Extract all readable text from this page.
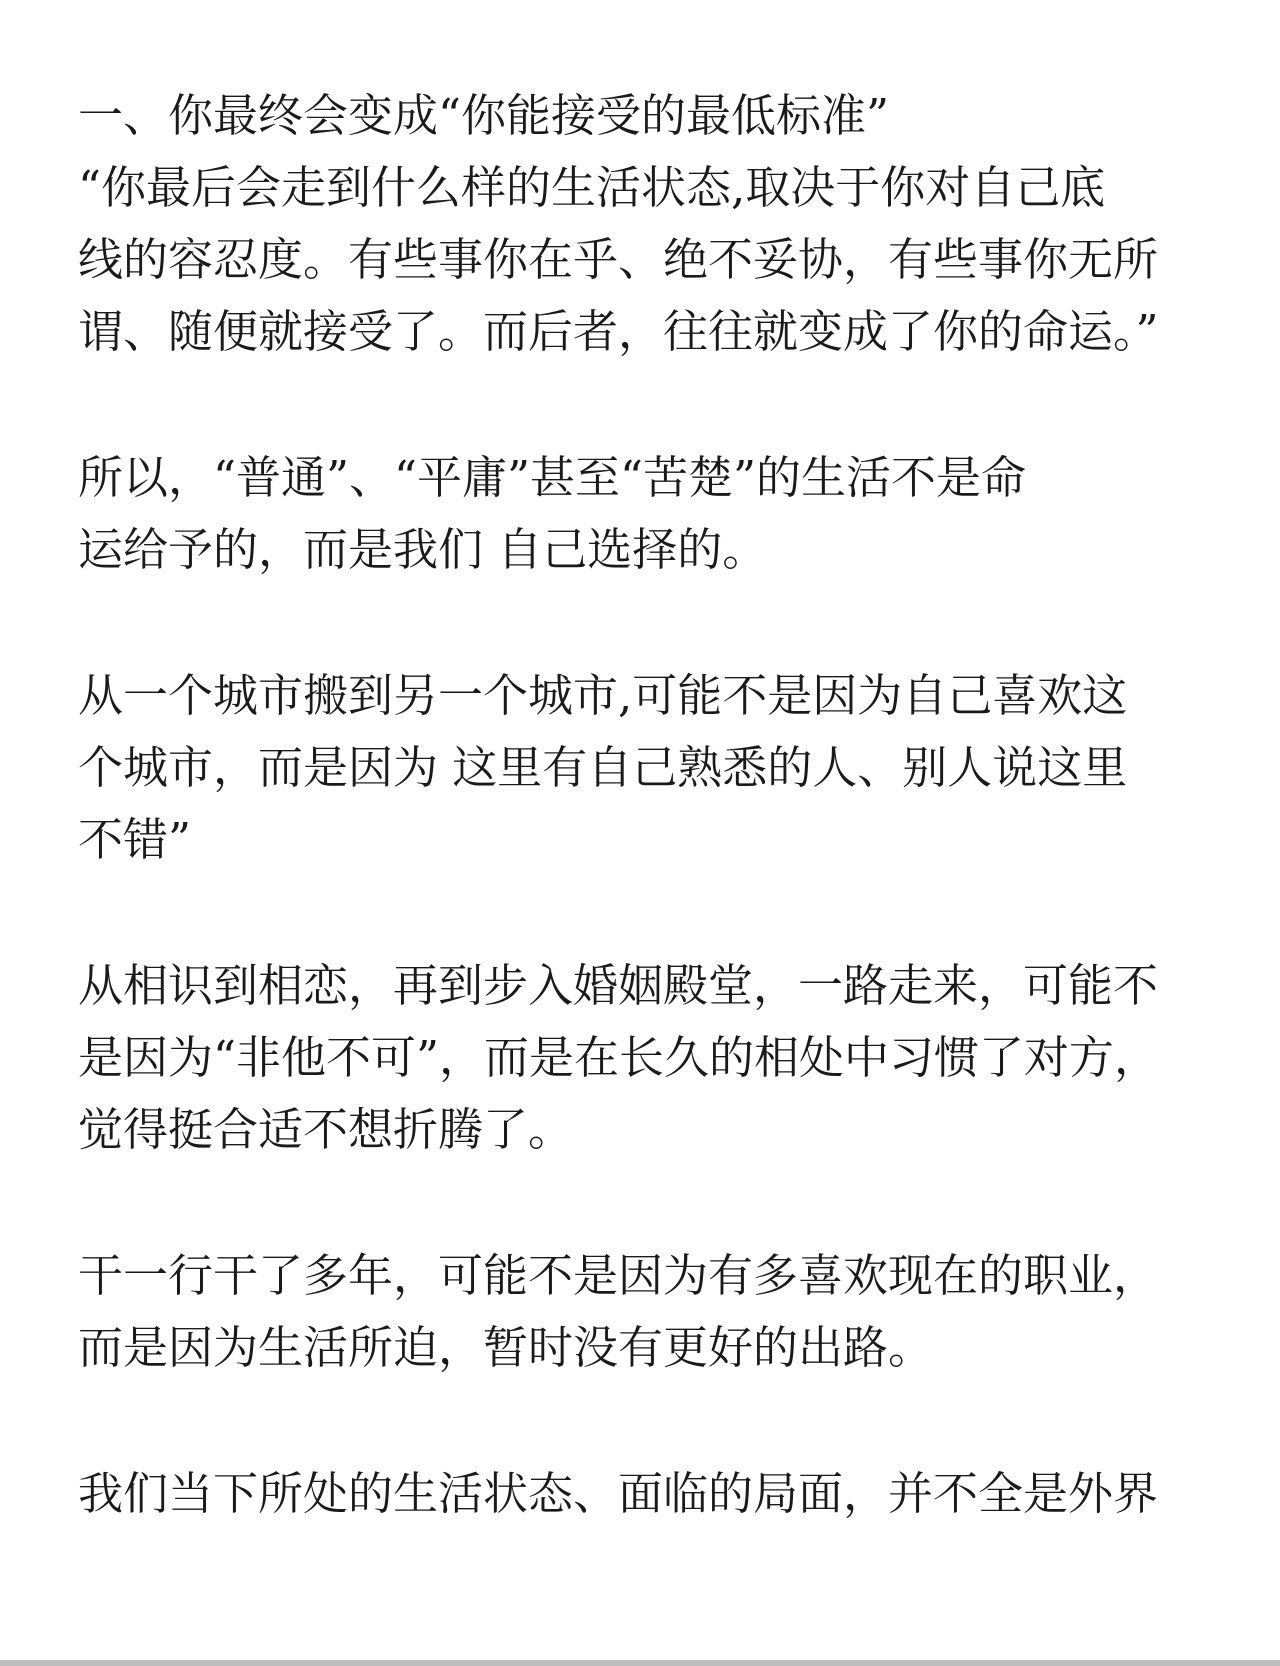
一、你最终会变成“你能接受的最低标准”

“你最后会走到什么样的生活状态,取决于你对自己底
线的容忍度。有些事你在乎、绝不妥协，有些事你无所
谓、随便就接受了。而后者，往往就变成了你的命运。”

所以，“普通”、“平庸”甚至“苦楚”的生活不是命
运给予的，而是我们 自己选择的。

从一个城市搬到另一个城市,可能不是因为自己喜欢这
个城市，而是因为 这里有自己熟悉的人、别人说这里
不错”

从相识到相恋，再到步入婚姻殿堂，一路走来，可能不
是因为“非他不可”，而是在长久的相处中习惯了对方，
觉得挺合适不想折腾了。

干一行干了多年，可能不是因为有多喜欢现在的职业，
而是因为生活所迫，暂时没有更好的出路。

我们当下所处的生活状态、面临的局面，并不全是外界
